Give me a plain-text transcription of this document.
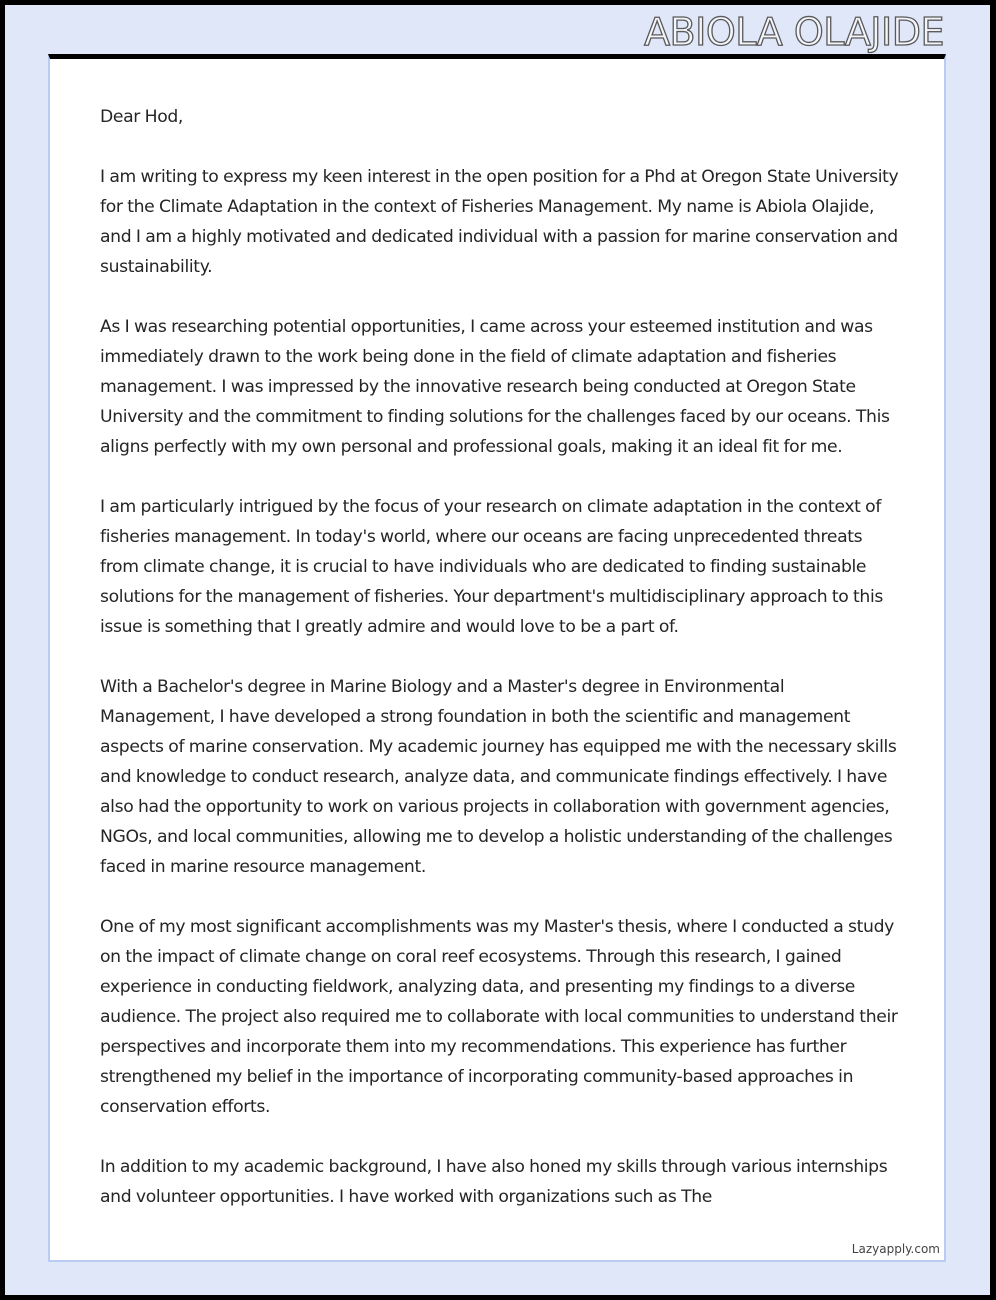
ABIOLA OLAJIDE
Lazyapply.com

Dear Hod,

I am writing to express my keen interest in the open position for a Phd at Oregon State University for the Climate Adaptation in the context of Fisheries Management. My name is Abiola Olajide, and I am a highly motivated and dedicated individual with a passion for marine conservation and sustainability.

As I was researching potential opportunities, I came across your esteemed institution and was immediately drawn to the work being done in the field of climate adaptation and fisheries management. I was impressed by the innovative research being conducted at Oregon State University and the commitment to finding solutions for the challenges faced by our oceans. This aligns perfectly with my own personal and professional goals, making it an ideal fit for me.

I am particularly intrigued by the focus of your research on climate adaptation in the context of fisheries management. In today's world, where our oceans are facing unprecedented threats from climate change, it is crucial to have individuals who are dedicated to finding sustainable solutions for the management of fisheries. Your department's multidisciplinary approach to this issue is something that I greatly admire and would love to be a part of.

With a Bachelor's degree in Marine Biology and a Master's degree in Environmental Management, I have developed a strong foundation in both the scientific and management aspects of marine conservation. My academic journey has equipped me with the necessary skills and knowledge to conduct research, analyze data, and communicate findings effectively. I have also had the opportunity to work on various projects in collaboration with government agencies, NGOs, and local communities, allowing me to develop a holistic understanding of the challenges faced in marine resource management.

One of my most significant accomplishments was my Master's thesis, where I conducted a study on the impact of climate change on coral reef ecosystems. Through this research, I gained experience in conducting fieldwork, analyzing data, and presenting my findings to a diverse audience. The project also required me to collaborate with local communities to understand their perspectives and incorporate them into my recommendations. This experience has further strengthened my belief in the importance of incorporating community-based approaches in conservation efforts.

In addition to my academic background, I have also honed my skills through various internships and volunteer opportunities. I have worked with organizations such as The
